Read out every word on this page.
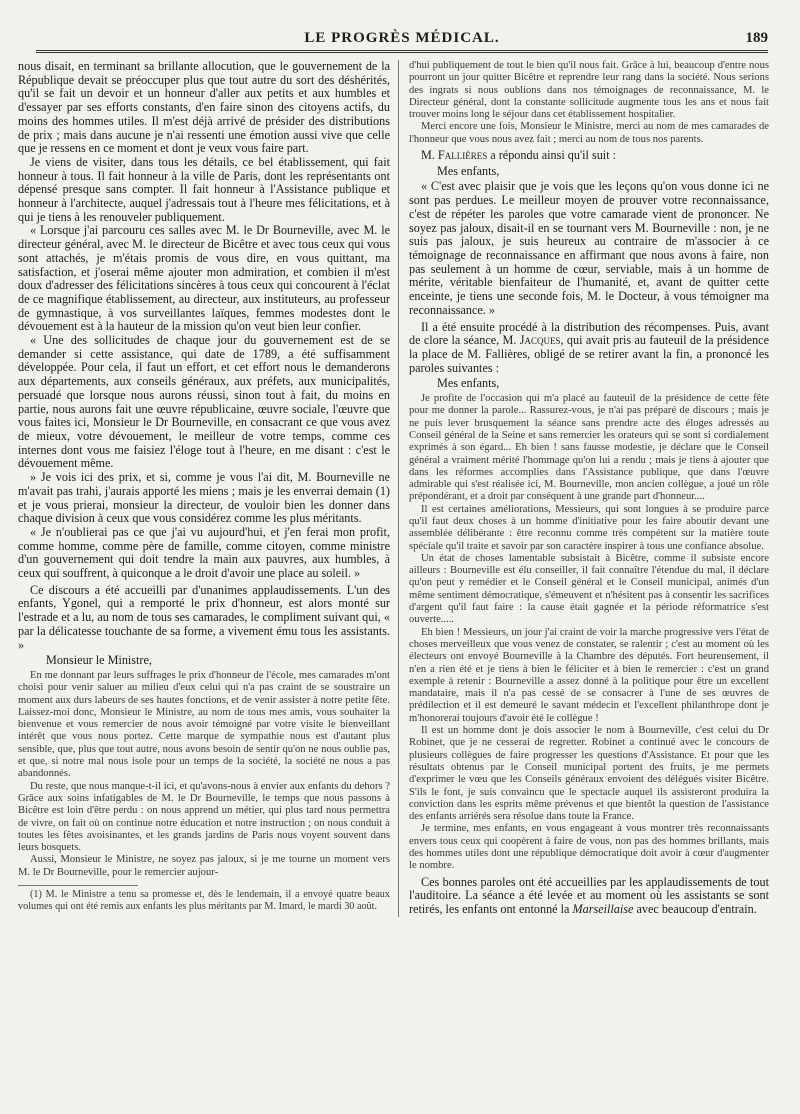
LE PROGRÈS MÉDICAL.	189

nous disait, en terminant sa brillante allocution, que le gouvernement de la République devait se préoccuper plus que tout autre du sort des déshérités, qu'il se fait un devoir et un honneur d'aller aux petits et aux humbles et d'essayer par ses efforts constants, d'en faire sinon des citoyens actifs, du moins des hommes utiles. Il m'est déjà arrivé de présider des distributions de prix ; mais dans aucune je n'ai ressenti une émotion aussi vive que celle que je ressens en ce moment et dont je veux vous faire part.

Je viens de visiter, dans tous les détails, ce bel établissement, qui fait honneur à tous. Il fait honneur à la ville de Paris, dont les représentants ont dépensé presque sans compter. Il fait honneur à l'Assistance publique et honneur à l'architecte, auquel j'adressais tout à l'heure mes félicitations, et à qui je tiens à les renouveler publiquement.

« Lorsque j'ai parcouru ces salles avec M. le Dr Bourneville, avec M. le directeur général, avec M. le directeur de Bicêtre et avec tous ceux qui vous sont attachés, je m'étais promis de vous dire, en vous quittant, ma satisfaction, et j'oserai même ajouter mon admiration, et combien il m'est doux d'adresser des félicitations sincères à tous ceux qui concourent à l'éclat de ce magnifique établissement, au directeur, aux instituteurs, au professeur de gymnastique, à vos surveillantes laïques, femmes modestes dont le dévouement est à la hauteur de la mission qu'on veut bien leur confier.

« Une des sollicitudes de chaque jour du gouvernement est de se demander si cette assistance, qui date de 1789, a été suffisamment développée. Pour cela, il faut un effort, et cet effort nous le demanderons aux départements, aux conseils généraux, aux préfets, aux municipalités, persuadé que lorsque nous aurons réussi, sinon tout à fait, du moins en partie, nous aurons fait une œuvre républicaine, œuvre sociale, l'œuvre que vous faites ici, Monsieur le Dr Bourneville, en consacrant ce que vous avez de mieux, votre dévouement, le meilleur de votre temps, comme ces internes dont vous me faisiez l'éloge tout à l'heure, en me disant : c'est le dévouement même.

» Je vois ici des prix, et si, comme je vous l'ai dit, M. Bourneville ne m'avait pas trahi, j'aurais apporté les miens ; mais je les enverrai demain (1) et je vous prierai, monsieur la directeur, de vouloir bien les donner dans chaque division à ceux que vous considérez comme les plus méritants.

« Je n'oublierai pas ce que j'ai vu aujourd'hui, et j'en ferai mon profit, comme homme, comme père de famille, comme citoyen, comme ministre d'un gouvernement qui doit tendre la main aux pauvres, aux humbles, à ceux qui souffrent, à quiconque a le droit d'avoir une place au soleil. »

Ce discours a été accueilli par d'unanimes applaudissements. L'un des enfants, Ygonel, qui a remporté le prix d'honneur, est alors monté sur l'estrade et a lu, au nom de tous ses camarades, le compliment suivant qui, « par la délicatesse touchante de sa forme, a vivement ému tous les assistants. »

Monsieur le Ministre,

En me donnant par leurs suffrages le prix d'honneur de l'école, mes camarades m'ont choisi pour venir saluer au milieu d'eux celui qui n'a pas craint de se soustraire un moment aux durs labeurs de ses hautes fonctions, et de venir assister à notre petite fête. Laissez-moi donc, Monsieur le Ministre, au nom de tous mes amis, vous souhaiter la bienvenue et vous remercier de nous avoir témoigné par votre visite le bienveillant intérêt que vous nous portez. Cette marque de sympathie nous est d'autant plus sensible, que, plus que tout autre, nous avons besoin de sentir qu'on ne nous oublie pas, et que, si notre mal nous isole pour un temps de la société, la société ne nous a pas abandonnés.

Du reste, que nous manque-t-il ici, et qu'avons-nous à envier aux enfants du dehors ? Grâce aux soins infatigables de M. le Dr Bourneville, le temps que nous passons à Bicêtre est loin d'être perdu : on nous apprend un métier, qui plus tard nous permettra de vivre, on fait où on continue notre éducation et notre instruction ; on nous conduit à toutes les fêtes avoisinantes, et les grands jardins de Paris nous voyent souvent dans leurs bosquets.

Aussi, Monsieur le Ministre, ne soyez pas jaloux, si je me tourne un moment vers M. le Dr Bourneville, pour le remercier aujour-

(1) M. le Ministre a tenu sa promesse et, dès le lendemain, il a envoyé quatre beaux volumes qui ont été remis aux enfants les plus méritants par M. Imard, le mardi 30 août.

d'hui publiquement de tout le bien qu'il nous fait. Grâce à lui, beaucoup d'entre nous pourront un jour quitter Bicêtre et reprendre leur rang dans la société. Nous serions des ingrats si nous oublions dans nos témoignages de reconnaissance, M. le Directeur général, dont la constante sollicitude augmente tous les ans et nous fait trouver moins long le séjour dans cet établissement hospitalier.

Merci encore une fois, Monsieur le Ministre, merci au nom de mes camarades de l'honneur que vous nous avez fait ; merci au nom de tous nos parents.

M. Fallières a répondu ainsi qu'il suit :

Mes enfants,

« C'est avec plaisir que je vois que les leçons qu'on vous donne ici ne sont pas perdues. Le meilleur moyen de prouver votre reconnaissance, c'est de répéter les paroles que votre camarade vient de prononcer. Ne soyez pas jaloux, disait-il en se tournant vers M. Bourneville : non, je ne suis pas jaloux, je suis heureux au contraire de m'associer à ce témoignage de reconnaissance en affirmant que nous avons à faire, non pas seulement à un homme de cœur, serviable, mais à un homme de mérite, véritable bienfaiteur de l'humanité, et, avant de quitter cette enceinte, je tiens une seconde fois, M. le Docteur, à vous témoigner ma reconnaissance. »

Il a été ensuite procédé à la distribution des récompenses. Puis, avant de clore la séance, M. Jacques, qui avait pris au fauteuil de la présidence la place de M. Fallières, obligé de se retirer avant la fin, a prononcé les paroles suivantes :

Mes enfants,

Je profite de l'occasion qui m'a placé au fauteuil de la présidence de cette fête pour me donner la parole... Rassurez-vous, je n'ai pas préparé de discours ; mais je ne puis lever brusquement la séance sans prendre acte des éloges adressés au Conseil général de la Seine et sans remercier les orateurs qui se sont si cordialement exprimés à son égard... Eh bien ! sans fausse modestie, je déclare que le Conseil général a vraiment mérité l'hommage qu'on lui a rendu ; mais je tiens à ajouter que dans les réformes accomplies dans l'Assistance publique, que dans l'œuvre admirable qui s'est réalisée ici, M. Bourneville, mon ancien collègue, a joué un rôle prépondérant, et a droit par conséquent à une grande part d'honneur....

Il est certaines améliorations, Messieurs, qui sont longues à se produire parce qu'il faut deux choses à un homme d'initiative pour les faire aboutir devant une assemblée délibérante : être reconnu comme très compétent sur la matière toute spéciale qu'il traite et savoir par son caractère inspirer à tous une confiance absolue.

Un état de choses lamentable subsistait à Bicêtre, comme il subsiste encore ailleurs : Bourneville est élu conseiller, il fait connaître l'étendue du mal, il déclare qu'on peut y remédier et le Conseil général et le Conseil municipal, animés d'un même sentiment démocratique, s'émeuvent et n'hésitent pas à consentir les sacrifices d'argent qu'il faut faire : la cause était gagnée et la période réformatrice s'est ouverte.....

Eh bien ! Messieurs, un jour j'ai craint de voir la marche progressive vers l'état de choses merveilleux que vous venez de constater, se ralentir ; c'est au moment où les électeurs ont envoyé Bourneville à la Chambre des députés. Fort heureusement, il n'en a rien été et je tiens à bien le féliciter et à bien le remercier : c'est un grand exemple à retenir : Bourneville a assez donné à la politique pour être un excellent mandataire, mais il n'a pas cessé de se consacrer à l'une de ses œuvres de prédilection et il est demeuré le savant médecin et l'excellent philanthrope dont je m'honorerai toujours d'avoir été le collègue !

Il est un homme dont je dois associer le nom à Bourneville, c'est celui du Dr Robinet, que je ne cesserai de regretter. Robinet a continué avec le concours de plusieurs collègues de faire progresser les questions d'Assistance. Et pour que les résultats obtenus par le Conseil municipal portent des fruits, je me permets d'exprimer le vœu que les Conseils généraux envoient des délégués visiter Bicêtre. S'ils le font, je suis convaincu que le spectacle auquel ils assisteront produira la conviction dans les esprits même prévenus et que bientôt la question de l'assistance des enfants arriérés sera résolue dans toute la France.

Je termine, mes enfants, en vous engageant à vous montrer très reconnaissants envers tous ceux qui coopèrent à faire de vous, non pas des hommes brillants, mais des hommes utiles dont une république démocratique doit avoir à cœur d'augmenter le nombre.

Ces bonnes paroles ont été accueillies par les applaudissements de tout l'auditoire. La séance a été levée et au moment où les assistants se sont retirés, les enfants ont entonné la Marseillaise avec beaucoup d'entrain.
